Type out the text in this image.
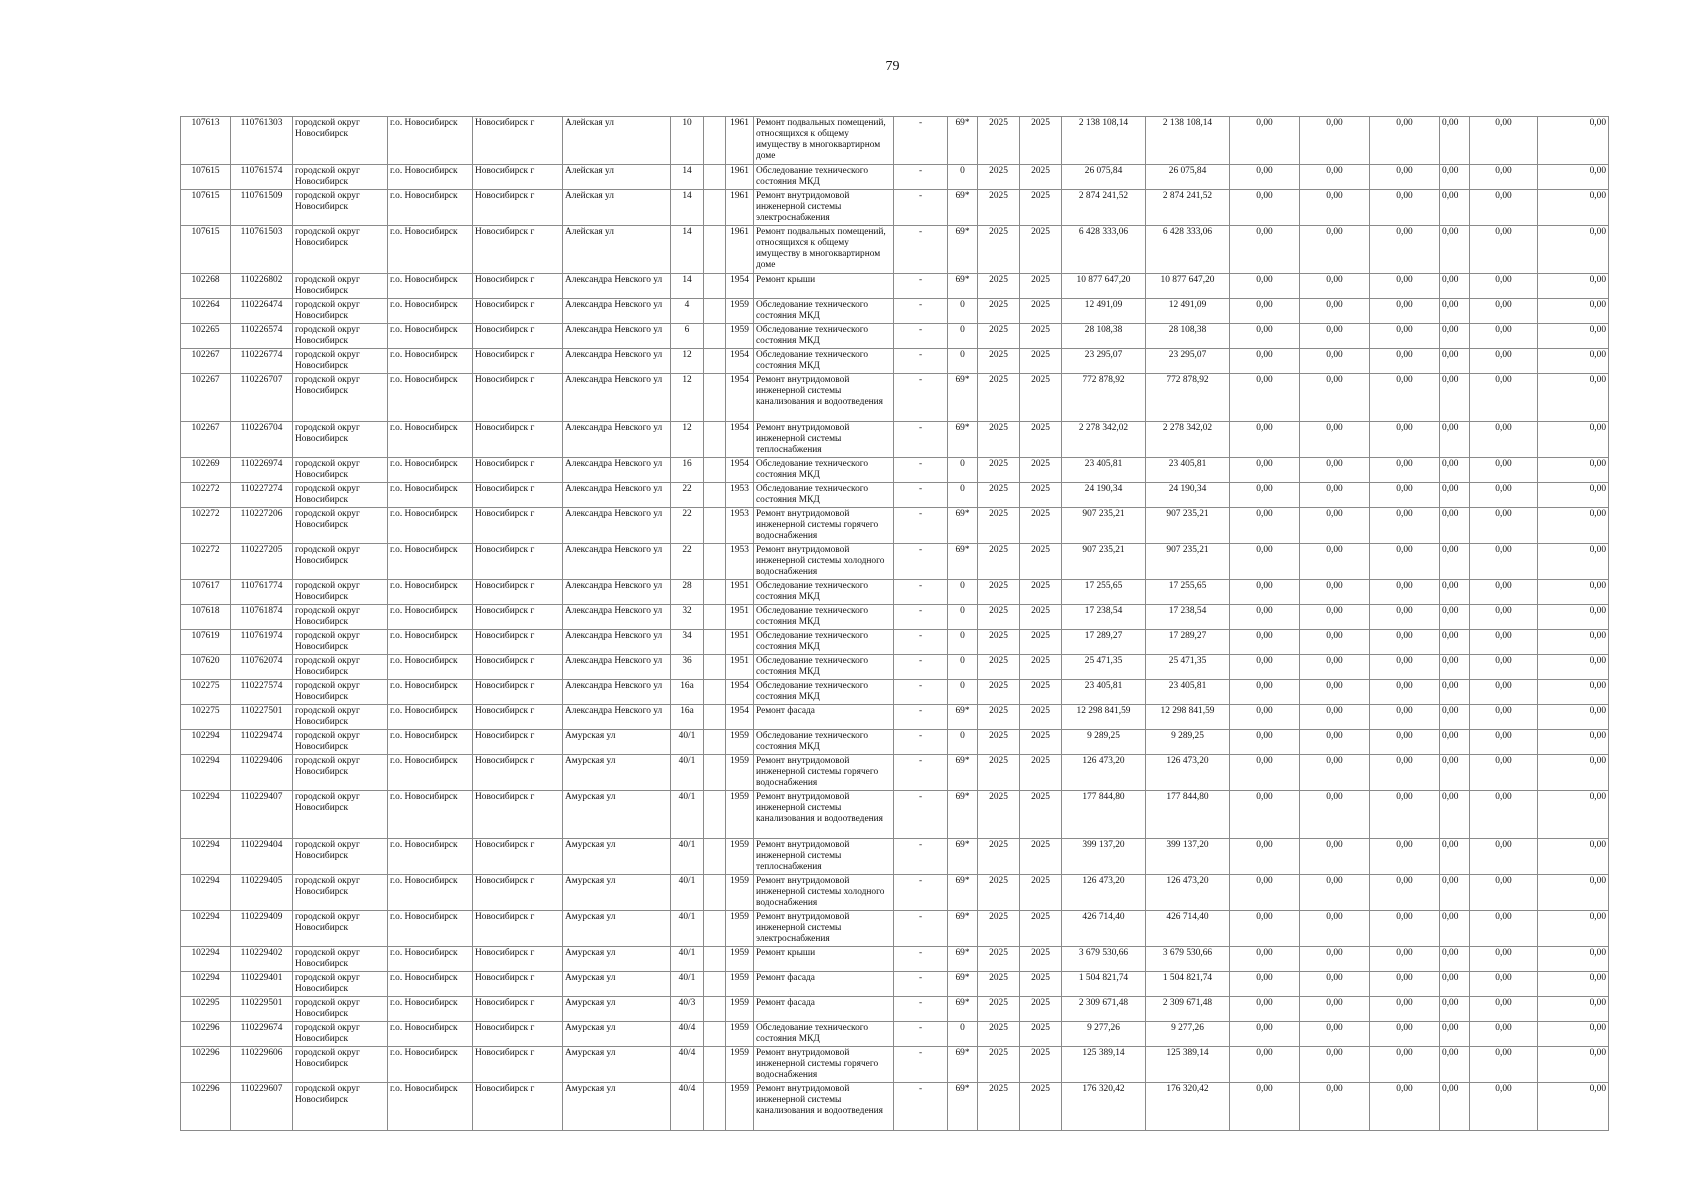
79
107613	110761303	городской округ Новосибирск	г.о. Новосибирск	Новосибирск г	Алейская ул	10		1961	Ремонт подвальных помещений, относящихся к общему имуществу в многоквартирном доме	-	69*	2025	2025	2 138 108,14	2 138 108,14	0,00	0,00	0,00	0,00	0,00	0,00
107615	110761574	городской округ Новосибирск	г.о. Новосибирск	Новосибирск г	Алейская ул	14		1961	Обследование технического состояния МКД	-	0	2025	2025	26 075,84	26 075,84	0,00	0,00	0,00	0,00	0,00	0,00
107615	110761509	городской округ Новосибирск	г.о. Новосибирск	Новосибирск г	Алейская ул	14		1961	Ремонт внутридомовой инженерной системы электроснабжения	-	69*	2025	2025	2 874 241,52	2 874 241,52	0,00	0,00	0,00	0,00	0,00	0,00
107615	110761503	городской округ Новосибирск	г.о. Новосибирск	Новосибирск г	Алейская ул	14		1961	Ремонт подвальных помещений, относящихся к общему имуществу в многоквартирном доме	-	69*	2025	2025	6 428 333,06	6 428 333,06	0,00	0,00	0,00	0,00	0,00	0,00
102268	110226802	городской округ Новосибирск	г.о. Новосибирск	Новосибирск г	Александра Невского ул	14		1954	Ремонт крыши	-	69*	2025	2025	10 877 647,20	10 877 647,20	0,00	0,00	0,00	0,00	0,00	0,00
102264	110226474	городской округ Новосибирск	г.о. Новосибирск	Новосибирск г	Александра Невского ул	4		1959	Обследование технического состояния МКД	-	0	2025	2025	12 491,09	12 491,09	0,00	0,00	0,00	0,00	0,00	0,00
102265	110226574	городской округ Новосибирск	г.о. Новосибирск	Новосибирск г	Александра Невского ул	6		1959	Обследование технического состояния МКД	-	0	2025	2025	28 108,38	28 108,38	0,00	0,00	0,00	0,00	0,00	0,00
102267	110226774	городской округ Новосибирск	г.о. Новосибирск	Новосибирск г	Александра Невского ул	12		1954	Обследование технического состояния МКД	-	0	2025	2025	23 295,07	23 295,07	0,00	0,00	0,00	0,00	0,00	0,00
102267	110226707	городской округ Новосибирск	г.о. Новосибирск	Новосибирск г	Александра Невского ул	12		1954	Ремонт внутридомовой инженерной системы канализования и водоотведения	-	69*	2025	2025	772 878,92	772 878,92	0,00	0,00	0,00	0,00	0,00	0,00
102267	110226704	городской округ Новосибирск	г.о. Новосибирск	Новосибирск г	Александра Невского ул	12		1954	Ремонт внутридомовой инженерной системы теплоснабжения	-	69*	2025	2025	2 278 342,02	2 278 342,02	0,00	0,00	0,00	0,00	0,00	0,00
102269	110226974	городской округ Новосибирск	г.о. Новосибирск	Новосибирск г	Александра Невского ул	16		1954	Обследование технического состояния МКД	-	0	2025	2025	23 405,81	23 405,81	0,00	0,00	0,00	0,00	0,00	0,00
102272	110227274	городской округ Новосибирск	г.о. Новосибирск	Новосибирск г	Александра Невского ул	22		1953	Обследование технического состояния МКД	-	0	2025	2025	24 190,34	24 190,34	0,00	0,00	0,00	0,00	0,00	0,00
102272	110227206	городской округ Новосибирск	г.о. Новосибирск	Новосибирск г	Александра Невского ул	22		1953	Ремонт внутридомовой инженерной системы горячего водоснабжения	-	69*	2025	2025	907 235,21	907 235,21	0,00	0,00	0,00	0,00	0,00	0,00
102272	110227205	городской округ Новосибирск	г.о. Новосибирск	Новосибирск г	Александра Невского ул	22		1953	Ремонт внутридомовой инженерной системы холодного водоснабжения	-	69*	2025	2025	907 235,21	907 235,21	0,00	0,00	0,00	0,00	0,00	0,00
107617	110761774	городской округ Новосибирск	г.о. Новосибирск	Новосибирск г	Александра Невского ул	28		1951	Обследование технического состояния МКД	-	0	2025	2025	17 255,65	17 255,65	0,00	0,00	0,00	0,00	0,00	0,00
107618	110761874	городской округ Новосибирск	г.о. Новосибирск	Новосибирск г	Александра Невского ул	32		1951	Обследование технического состояния МКД	-	0	2025	2025	17 238,54	17 238,54	0,00	0,00	0,00	0,00	0,00	0,00
107619	110761974	городской округ Новосибирск	г.о. Новосибирск	Новосибирск г	Александра Невского ул	34		1951	Обследование технического состояния МКД	-	0	2025	2025	17 289,27	17 289,27	0,00	0,00	0,00	0,00	0,00	0,00
107620	110762074	городской округ Новосибирск	г.о. Новосибирск	Новосибирск г	Александра Невского ул	36		1951	Обследование технического состояния МКД	-	0	2025	2025	25 471,35	25 471,35	0,00	0,00	0,00	0,00	0,00	0,00
102275	110227574	городской округ Новосибирск	г.о. Новосибирск	Новосибирск г	Александра Невского ул	16а		1954	Обследование технического состояния МКД	-	0	2025	2025	23 405,81	23 405,81	0,00	0,00	0,00	0,00	0,00	0,00
102275	110227501	городской округ Новосибирск	г.о. Новосибирск	Новосибирск г	Александра Невского ул	16а		1954	Ремонт фасада	-	69*	2025	2025	12 298 841,59	12 298 841,59	0,00	0,00	0,00	0,00	0,00	0,00
102294	110229474	городской округ Новосибирск	г.о. Новосибирск	Новосибирск г	Амурская ул	40/1		1959	Обследование технического состояния МКД	-	0	2025	2025	9 289,25	9 289,25	0,00	0,00	0,00	0,00	0,00	0,00
102294	110229406	городской округ Новосибирск	г.о. Новосибирск	Новосибирск г	Амурская ул	40/1		1959	Ремонт внутридомовой инженерной системы горячего водоснабжения	-	69*	2025	2025	126 473,20	126 473,20	0,00	0,00	0,00	0,00	0,00	0,00
102294	110229407	городской округ Новосибирск	г.о. Новосибирск	Новосибирск г	Амурская ул	40/1		1959	Ремонт внутридомовой инженерной системы канализования и водоотведения	-	69*	2025	2025	177 844,80	177 844,80	0,00	0,00	0,00	0,00	0,00	0,00
102294	110229404	городской округ Новосибирск	г.о. Новосибирск	Новосибирск г	Амурская ул	40/1		1959	Ремонт внутридомовой инженерной системы теплоснабжения	-	69*	2025	2025	399 137,20	399 137,20	0,00	0,00	0,00	0,00	0,00	0,00
102294	110229405	городской округ Новосибирск	г.о. Новосибирск	Новосибирск г	Амурская ул	40/1		1959	Ремонт внутридомовой инженерной системы холодного водоснабжения	-	69*	2025	2025	126 473,20	126 473,20	0,00	0,00	0,00	0,00	0,00	0,00
102294	110229409	городской округ Новосибирск	г.о. Новосибирск	Новосибирск г	Амурская ул	40/1		1959	Ремонт внутридомовой инженерной системы электроснабжения	-	69*	2025	2025	426 714,40	426 714,40	0,00	0,00	0,00	0,00	0,00	0,00
102294	110229402	городской округ Новосибирск	г.о. Новосибирск	Новосибирск г	Амурская ул	40/1		1959	Ремонт крыши	-	69*	2025	2025	3 679 530,66	3 679 530,66	0,00	0,00	0,00	0,00	0,00	0,00
102294	110229401	городской округ Новосибирск	г.о. Новосибирск	Новосибирск г	Амурская ул	40/1		1959	Ремонт фасада	-	69*	2025	2025	1 504 821,74	1 504 821,74	0,00	0,00	0,00	0,00	0,00	0,00
102295	110229501	городской округ Новосибирск	г.о. Новосибирск	Новосибирск г	Амурская ул	40/3		1959	Ремонт фасада	-	69*	2025	2025	2 309 671,48	2 309 671,48	0,00	0,00	0,00	0,00	0,00	0,00
102296	110229674	городской округ Новосибирск	г.о. Новосибирск	Новосибирск г	Амурская ул	40/4		1959	Обследование технического состояния МКД	-	0	2025	2025	9 277,26	9 277,26	0,00	0,00	0,00	0,00	0,00	0,00
102296	110229606	городской округ Новосибирск	г.о. Новосибирск	Новосибирск г	Амурская ул	40/4		1959	Ремонт внутридомовой инженерной системы горячего водоснабжения	-	69*	2025	2025	125 389,14	125 389,14	0,00	0,00	0,00	0,00	0,00	0,00
102296	110229607	городской округ Новосибирск	г.о. Новосибирск	Новосибирск г	Амурская ул	40/4		1959	Ремонт внутридомовой инженерной системы канализования и водоотведения	-	69*	2025	2025	176 320,42	176 320,42	0,00	0,00	0,00	0,00	0,00	0,00
